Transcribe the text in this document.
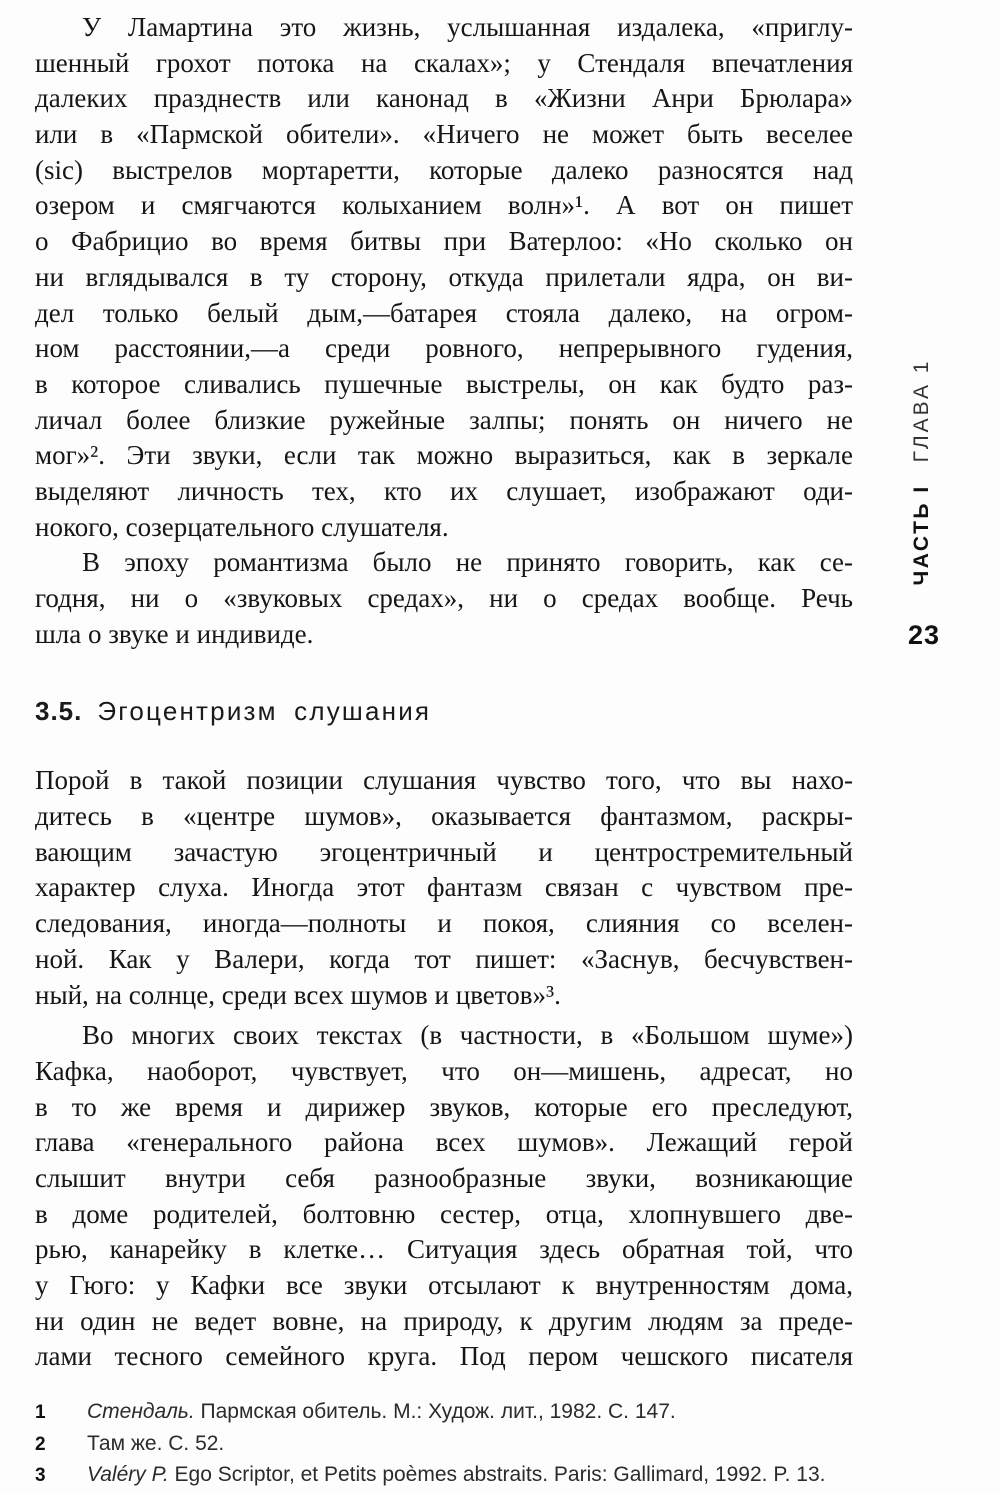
У Ламартина это жизнь, услышанная издалека, «приглу-
шенный грохот потока на скалах»; у Стендаля впечатления
далеких празднеств или канонад в «Жизни Анри Брюлара»
или в «Пармской обители». «Ничего не может быть веселее
(sic) выстрелов мортаретти, которые далеко разносятся над
озером и смягчаются колыханием волн»¹. А вот он пишет
о Фабрицио во время битвы при Ватерлоо: «Но сколько он
ни вглядывался в ту сторону, откуда прилетали ядра, он ви-
дел только белый дым,—батарея стояла далеко, на огром-
ном расстоянии,—а среди ровного, непрерывного гудения,
в которое сливались пушечные выстрелы, он как будто раз-
личал более близкие ружейные залпы; понять он ничего не
мог»². Эти звуки, если так можно выразиться, как в зеркале
выделяют личность тех, кто их слушает, изображают оди-
нокого, созерцательного слушателя.
В эпоху романтизма было не принято говорить, как се-
годня, ни о «звуковых средах», ни о средах вообще. Речь
шла о звуке и индивиде.
3.5. Эгоцентризм слушания
Порой в такой позиции слушания чувство того, что вы нахо-
дитесь в «центре шумов», оказывается фантазмом, раскры-
вающим зачастую эгоцентричный и центростремительный
характер слуха. Иногда этот фантазм связан с чувством пре-
следования, иногда—полноты и покоя, слияния со вселен-
ной. Как у Валери, когда тот пишет: «Заснув, бесчувствен-
ный, на солнце, среди всех шумов и цветов»³.
Во многих своих текстах (в частности, в «Большом шуме»)
Кафка, наоборот, чувствует, что он—мишень, адресат, но
в то же время и дирижер звуков, которые его преследуют,
глава «генерального района всех шумов». Лежащий герой
слышит внутри себя разнообразные звуки, возникающие
в доме родителей, болтовню сестер, отца, хлопнувшего две-
рью, канарейку в клетке… Ситуация здесь обратная той, что
у Гюго: у Кафки все звуки отсылают к внутренностям дома,
ни один не ведет вовне, на природу, к другим людям за преде-
лами тесного семейного круга. Под пером чешского писателя
ЧАСТЬ IГЛАВА 1
23
1 Стендаль. Пармская обитель. М.: Худож. лит., 1982. С. 147.
2 Там же. С. 52.
3 Valéry P. Ego Scriptor, et Petits poèmes abstraits. Paris: Gallimard, 1992. P. 13.
